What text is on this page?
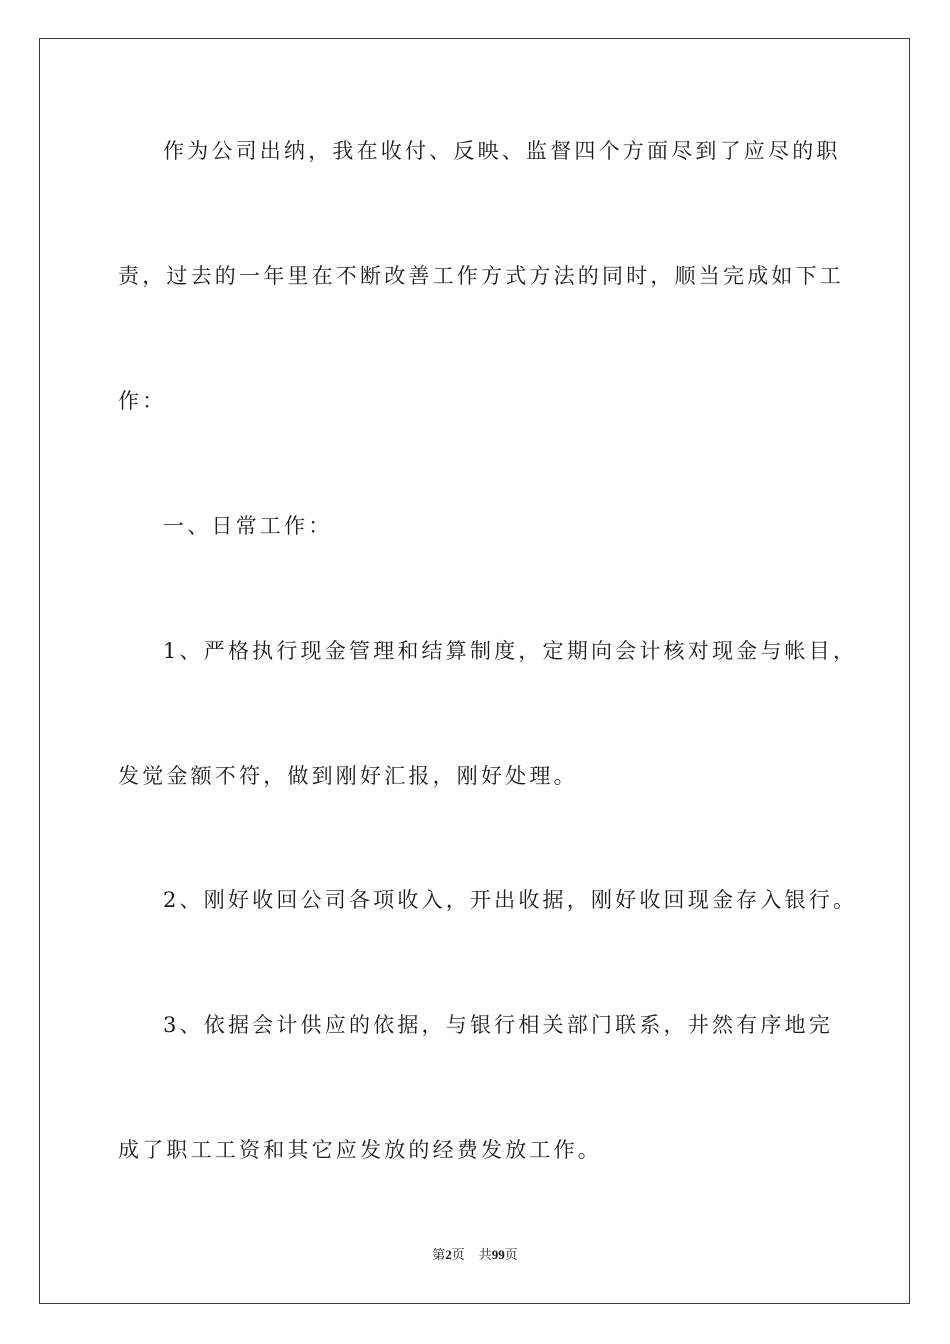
作为公司出纳，我在收付、反映、监督四个方面尽到了应尽的职
责，过去的一年里在不断改善工作方式方法的同时，顺当完成如下工
作：
一、日常工作：
1、严格执行现金管理和结算制度，定期向会计核对现金与帐目，
发觉金额不符，做到刚好汇报，刚好处理。
2、刚好收回公司各项收入，开出收据，刚好收回现金存入银行。
3、依据会计供应的依据，与银行相关部门联系，井然有序地完
成了职工工资和其它应发放的经费发放工作。
第2页 共99页
